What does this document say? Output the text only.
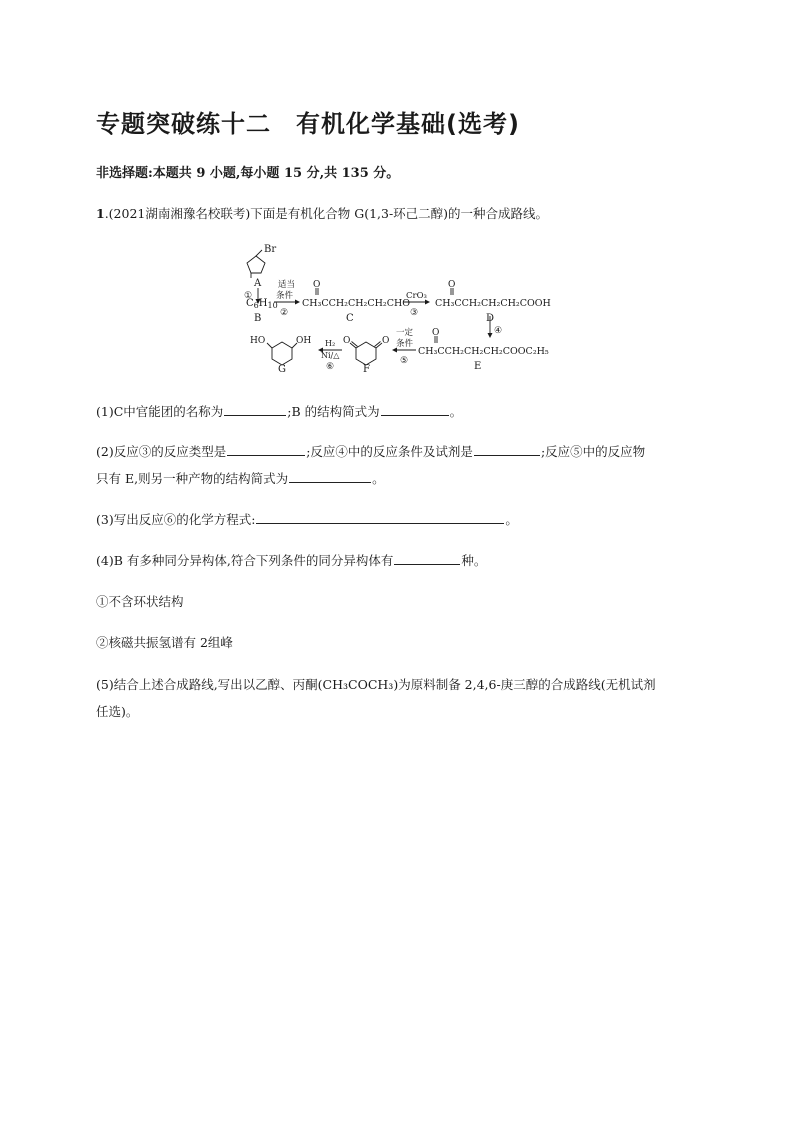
专题突破练十二　有机化学基础(选考)
非选择题:本题共 9 小题,每小题 15 分,共 135 分。
1.(2021湖南湘豫名校联考)下面是有机化合物 G(1,3-环己二醇)的一种合成路线。
Br
A
①
$C_6H_{10}$
B
适当
条件
②
O
CH₃CCH₂CH₂CH₂CHO
C
CrO₃
③
O
CH₃CCH₂CH₂CH₂COOH
D
④
O
CH₃CCH₂CH₂CH₂COOC₂H₅
E
一定
条件
⑤
O	O
F
H₂
Ni/△
⑥
HO	OH
G
(1)C中官能团的名称为	;B 的结构简式为	。
(2)反应③的反应类型是	;反应④中的反应条件及试剂是	;反应⑤中的反应物
只有 E,则另一种产物的结构简式为	。
(3)写出反应⑥的化学方程式:	。
(4)B 有多种同分异构体,符合下列条件的同分异构体有	种。
①不含环状结构
②核磁共振氢谱有 2组峰
(5)结合上述合成路线,写出以乙醇、丙酮(CH₃COCH₃)为原料制备 2,4,6-庚三醇的合成路线(无机试剂
任选)。
